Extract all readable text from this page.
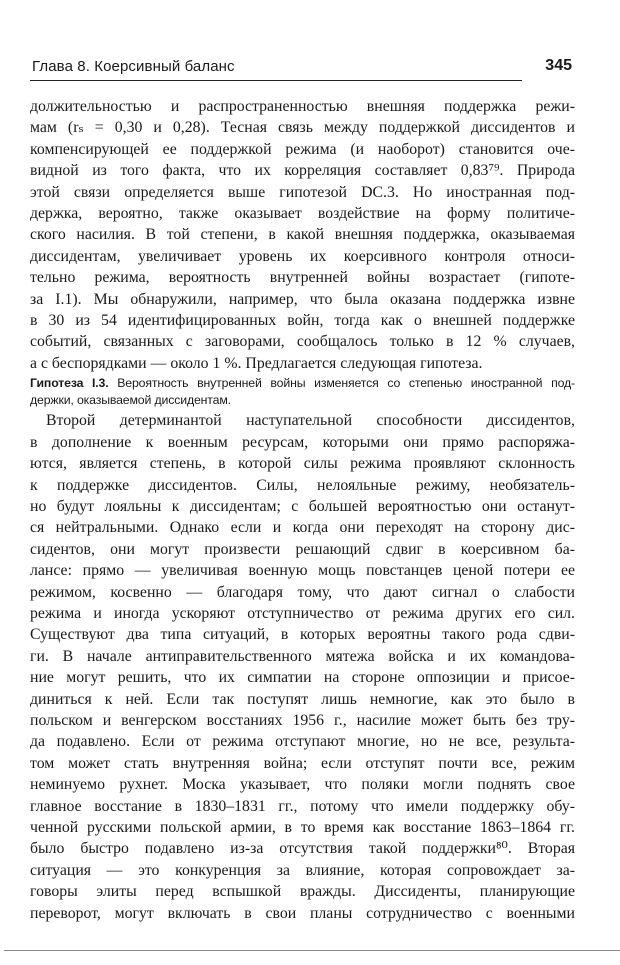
Глава 8. Коерсивный баланс	345
должительностью и распространенностью внешняя поддержка режи-
мам (rₛ = 0,30 и 0,28). Тесная связь между поддержкой диссидентов и
компенсирующей ее поддержкой режима (и наоборот) становится оче-
видной из того факта, что их корреляция составляет 0,83⁷⁹. Природа
этой связи определяется выше гипотезой DC.3. Но иностранная под-
держка, вероятно, также оказывает воздействие на форму политиче-
ского насилия. В той степени, в какой внешняя поддержка, оказываемая
диссидентам, увеличивает уровень их коерсивного контроля относи-
тельно режима, вероятность внутренней войны возрастает (гипоте-
за I.1). Мы обнаружили, например, что была оказана поддержка извне
в 30 из 54 идентифицированных войн, тогда как о внешней поддержке
событий, связанных с заговорами, сообщалось только в 12 % случаев,
а с беспорядками — около 1 %. Предлагается следующая гипотеза.
Гипотеза I.3. Вероятность внутренней войны изменяется со степенью иностранной под-
держки, оказываемой диссидентам.
Второй детерминантой наступательной способности диссидентов,
в дополнение к военным ресурсам, которыми они прямо распоряжа-
ются, является степень, в которой силы режима проявляют склонность
к поддержке диссидентов. Силы, нелояльные режиму, необязатель-
но будут лояльны к диссидентам; с большей вероятностью они останут-
ся нейтральными. Однако если и когда они переходят на сторону дис-
сидентов, они могут произвести решающий сдвиг в коерсивном ба-
лансе: прямо — увеличивая военную мощь повстанцев ценой потери ее
режимом, косвенно — благодаря тому, что дают сигнал о слабости
режима и иногда ускоряют отступничество от режима других его сил.
Существуют два типа ситуаций, в которых вероятны такого рода сдви-
ги. В начале антиправительственного мятежа войска и их командова-
ние могут решить, что их симпатии на стороне оппозиции и присое-
диниться к ней. Если так поступят лишь немногие, как это было в
польском и венгерском восстаниях 1956 г., насилие может быть без тру-
да подавлено. Если от режима отступают многие, но не все, результа-
том может стать внутренняя война; если отступят почти все, режим
неминуемо рухнет. Моска указывает, что поляки могли поднять свое
главное восстание в 1830–1831 гг., потому что имели поддержку обу-
ченной русскими польской армии, в то время как восстание 1863–1864 гг.
было быстро подавлено из-за отсутствия такой поддержки⁸⁰. Вторая
ситуация — это конкуренция за влияние, которая сопровождает за-
говоры элиты перед вспышкой вражды. Диссиденты, планирующие
переворот, могут включать в свои планы сотрудничество с военными
